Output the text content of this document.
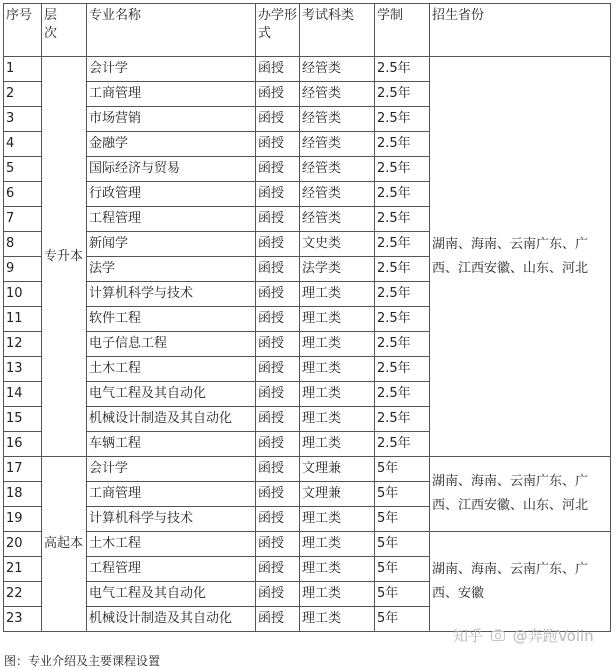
序号	层次	专业名称	办学形式	考试科类	学制	招生省份
1	专升本	会计学	函授	经管类	2.5年	湖南、海南、云南广东、广西、江西安徽、山东、河北
2		工商管理	函授	经管类	2.5年	
3		市场营销	函授	经管类	2.5年	
4		金融学	函授	经管类	2.5年	
5		国际经济与贸易	函授	经管类	2.5年	
6		行政管理	函授	经管类	2.5年	
7		工程管理	函授	经管类	2.5年	
8		新闻学	函授	文史类	2.5年	
9		法学	函授	法学类	2.5年	
10		计算机科学与技术	函授	理工类	2.5年	
11		软件工程	函授	理工类	2.5年	
12		电子信息工程	函授	理工类	2.5年	
13		土木工程	函授	理工类	2.5年	
14		电气工程及其自动化	函授	理工类	2.5年	
15		机械设计制造及其自动化	函授	理工类	2.5年	
16		车辆工程	函授	理工类	2.5年	
17	高起本	会计学	函授	文理兼	5年	湖南、海南、云南广东、广西、江西安徽、山东、河北
18		工商管理	函授	文理兼	5年	
19		计算机科学与技术	函授	理工类	5年	
20		土木工程	函授	理工类	5年	湖南、海南、云南广东、广西、安徽
21		工程管理	函授	理工类	5年	
22		电气工程及其自动化	函授	理工类	5年	
23		机械设计制造及其自动化	函授	理工类	5年	
图：专业介绍及主要课程设置
知乎 @奔跑Volin
